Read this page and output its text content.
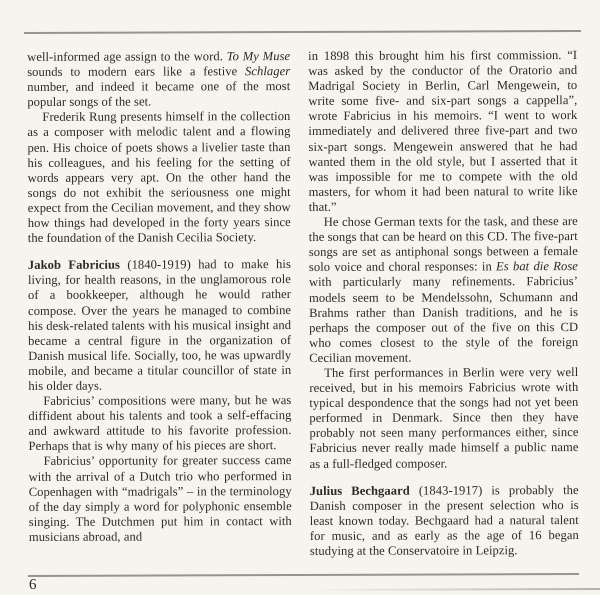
well-informed age assign to the word. To My Muse sounds to modern ears like a festive Schlager number, and indeed it became one of the most popular songs of the set.

Frederik Rung presents himself in the collection as a composer with melodic talent and a flowing pen. His choice of poets shows a livelier taste than his colleagues, and his feeling for the setting of words appears very apt. On the other hand the songs do not exhibit the seriousness one might expect from the Cecilian movement, and they show how things had developed in the forty years since the foundation of the Danish Cecilia Society.

Jakob Fabricius (1840-1919) had to make his living, for health reasons, in the unglamorous role of a bookkeeper, although he would rather compose. Over the years he managed to combine his desk-related talents with his musical insight and became a central figure in the organization of Danish musical life. Socially, too, he was upwardly mobile, and became a titular councillor of state in his older days.

Fabricius’ compositions were many, but he was diffident about his talents and took a self-effacing and awkward attitude to his favorite profession. Perhaps that is why many of his pieces are short.

Fabricius’ opportunity for greater success came with the arrival of a Dutch trio who performed in Copenhagen with “madrigals” – in the terminology of the day simply a word for polyphonic ensemble singing. The Dutchmen put him in contact with musicians abroad, and

in 1898 this brought him his first commission. “I was asked by the conductor of the Oratorio and Madrigal Society in Berlin, Carl Mengewein, to write some five- and six-part songs a cappella”, wrote Fabricius in his memoirs. “I went to work immediately and delivered three five-part and two six-part songs. Mengewein answered that he had wanted them in the old style, but I asserted that it was impossible for me to compete with the old masters, for whom it had been natural to write like that.”

He chose German texts for the task, and these are the songs that can be heard on this CD. The five-part songs are set as antiphonal songs between a female solo voice and choral responses: in Es bat die Rose with particularly many refinements. Fabricius’ models seem to be Mendelssohn, Schumann and Brahms rather than Danish traditions, and he is perhaps the composer out of the five on this CD who comes closest to the style of the foreign Cecilian movement.

The first performances in Berlin were very well received, but in his memoirs Fabricius wrote with typical despondence that the songs had not yet been performed in Denmark. Since then they have probably not seen many performances either, since Fabricius never really made himself a public name as a full-fledged composer.

Julius Bechgaard (1843-1917) is probably the Danish composer in the present selection who is least known today. Bechgaard had a natural talent for music, and as early as the age of 16 began studying at the Conservatoire in Leipzig.

6
